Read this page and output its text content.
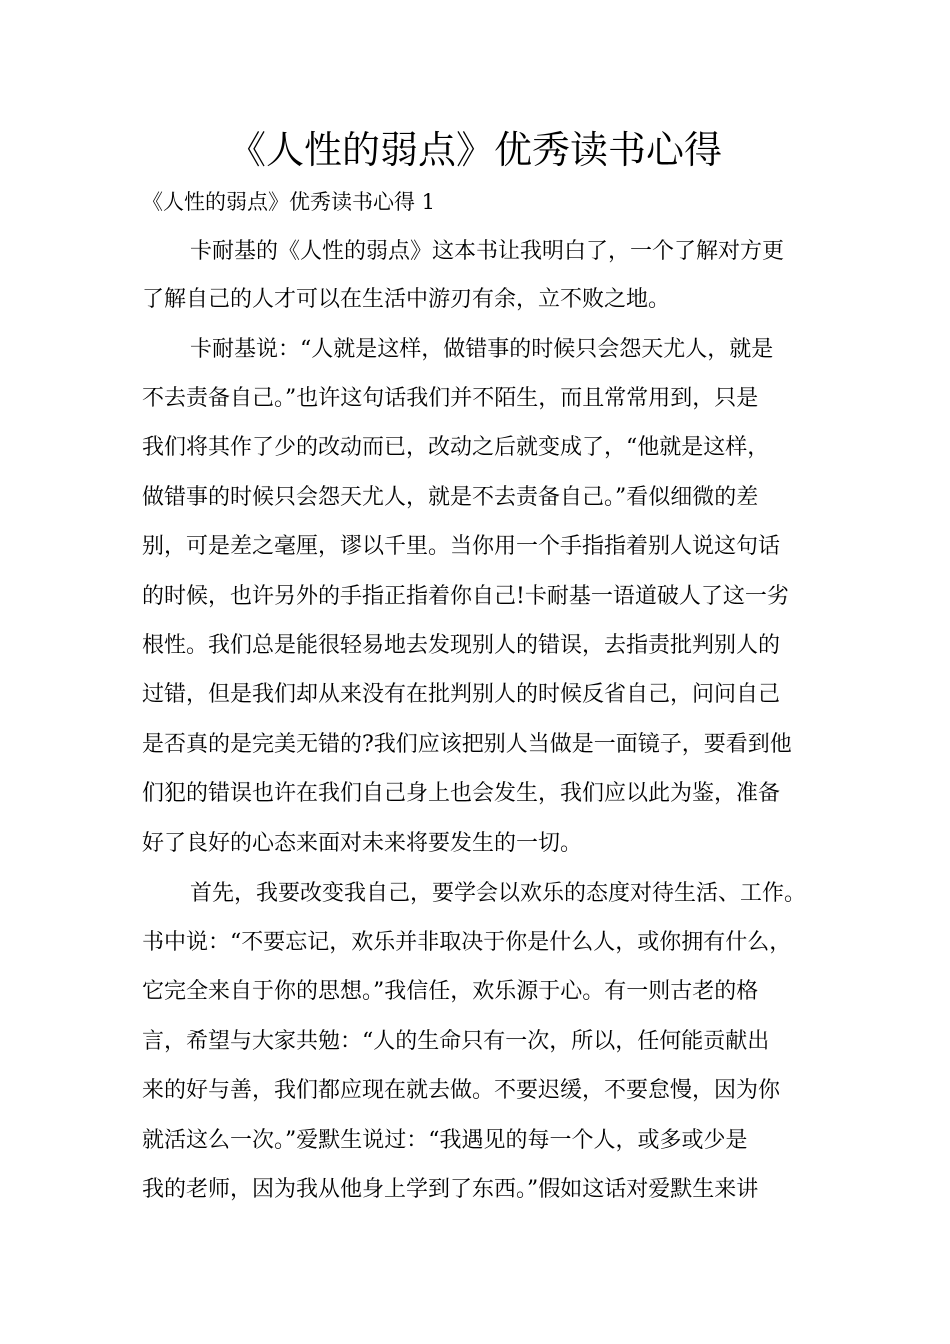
《人性的弱点》优秀读书心得

《人性的弱点》优秀读书心得 1

卡耐基的《人性的弱点》这本书让我明白了，一个了解对方更

了解自己的人才可以在生活中游刃有余，立不败之地。

卡耐基说：“人就是这样，做错事的时候只会怨天尤人，就是

不去责备自己。”也许这句话我们并不陌生，而且常常用到，只是

我们将其作了少的改动而已，改动之后就变成了，“他就是这样，

做错事的时候只会怨天尤人，就是不去责备自己。”看似细微的差

别，可是差之毫厘，谬以千里。当你用一个手指指着别人说这句话

的时候，也许另外的手指正指着你自己!卡耐基一语道破人了这一劣

根性。我们总是能很轻易地去发现别人的错误，去指责批判别人的

过错，但是我们却从来没有在批判别人的时候反省自己，问问自己

是否真的是完美无错的?我们应该把别人当做是一面镜子，要看到他

们犯的错误也许在我们自己身上也会发生，我们应以此为鉴，准备

好了良好的心态来面对未来将要发生的一切。

首先，我要改变我自己，要学会以欢乐的态度对待生活、工作。

书中说：“不要忘记，欢乐并非取决于你是什么人，或你拥有什么，

它完全来自于你的思想。”我信任，欢乐源于心。有一则古老的格

言，希望与大家共勉：“人的生命只有一次，所以，任何能贡献出

来的好与善，我们都应现在就去做。不要迟缓，不要怠慢，因为你

就活这么一次。”爱默生说过：“我遇见的每一个人，或多或少是

我的老师，因为我从他身上学到了东西。”假如这话对爱默生来讲
